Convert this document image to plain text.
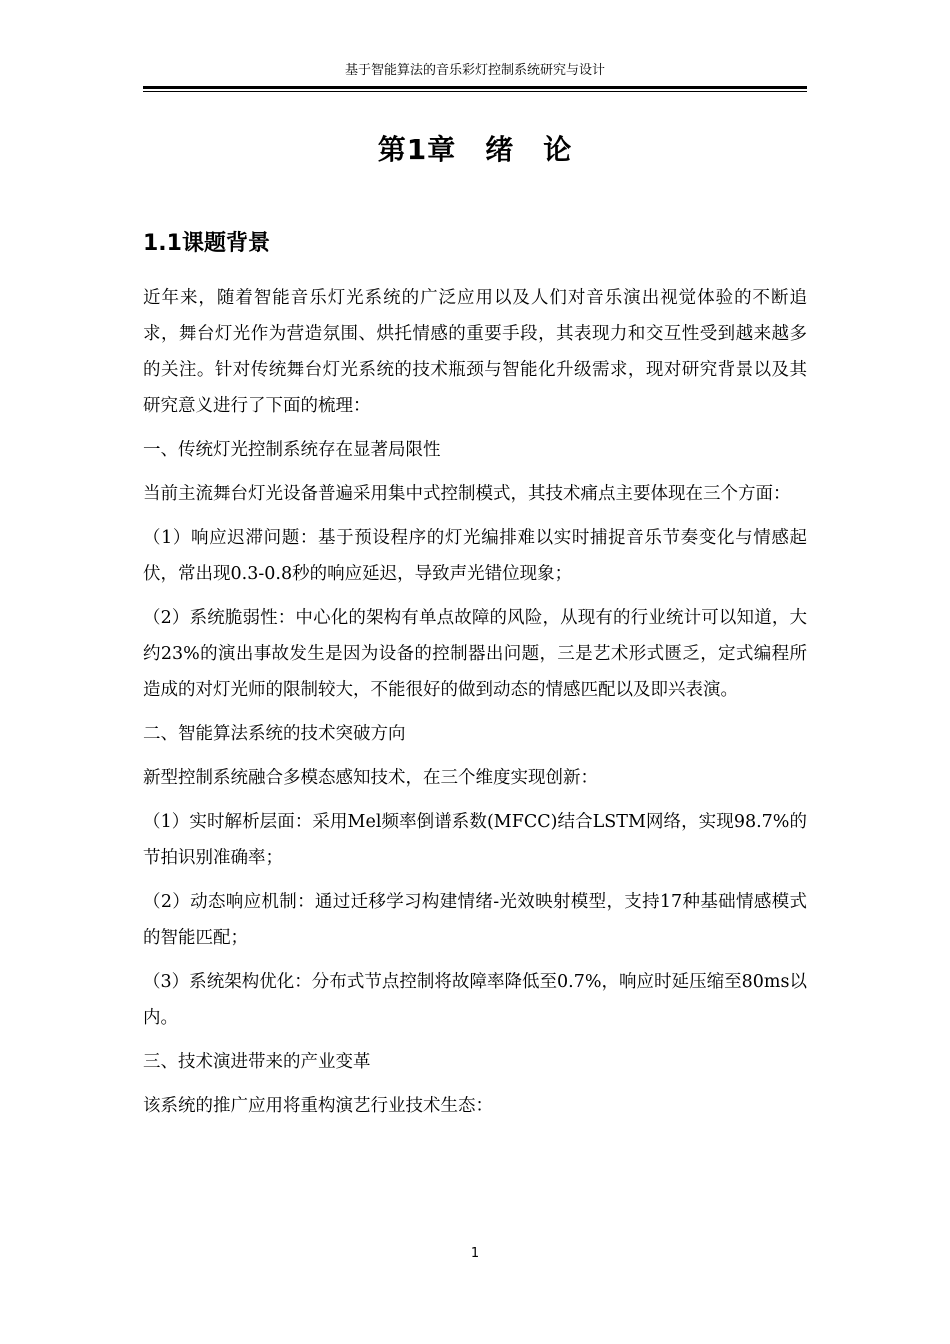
基于智能算法的音乐彩灯控制系统研究与设计
第1章　绪　论
1.1课题背景

近年来，随着智能音乐灯光系统的广泛应用以及人们对音乐演出视觉体验的不断追求，舞台灯光作为营造氛围、烘托情感的重要手段，其表现力和交互性受到越来越多的关注。针对传统舞台灯光系统的技术瓶颈与智能化升级需求，现对研究背景以及其研究意义进行了下面的梳理：

一、传统灯光控制系统存在显著局限性

当前主流舞台灯光设备普遍采用集中式控制模式，其技术痛点主要体现在三个方面：

（1）响应迟滞问题：基于预设程序的灯光编排难以实时捕捉音乐节奏变化与情感起伏，常出现0.3-0.8秒的响应延迟，导致声光错位现象；

（2）系统脆弱性：中心化的架构有单点故障的风险，从现有的行业统计可以知道，大约23%的演出事故发生是因为设备的控制器出问题，三是艺术形式匮乏，定式编程所造成的对灯光师的限制较大，不能很好的做到动态的情感匹配以及即兴表演。

二、智能算法系统的技术突破方向

新型控制系统融合多模态感知技术，在三个维度实现创新：

（1）实时解析层面：采用Mel频率倒谱系数(MFCC)结合LSTM网络，实现98.7%的节拍识别准确率；

（2）动态响应机制：通过迁移学习构建情绪-光效映射模型，支持17种基础情感模式的智能匹配；

（3）系统架构优化：分布式节点控制将故障率降低至0.7%，响应时延压缩至80ms以内。

三、技术演进带来的产业变革

该系统的推广应用将重构演艺行业技术生态：

1
